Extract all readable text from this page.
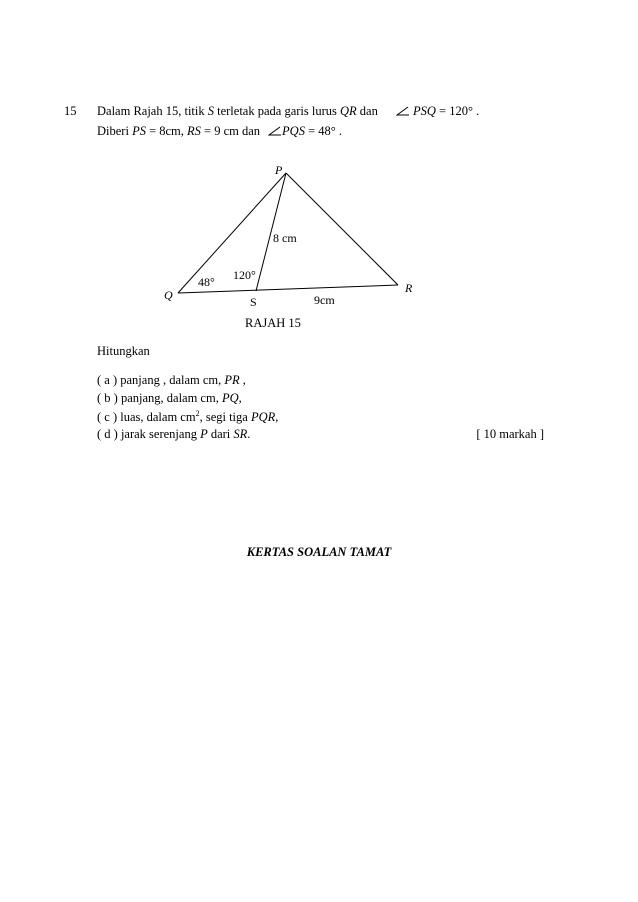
15 Dalam Rajah 15, titik S terletak pada garis lurus QR dan	PSQ = 120° .
Diberi PS = 8cm, RS = 9 cm dan PQS = 48° .
P
Q	R
S
8 cm
9cm
48° 120°
RAJAH 15
Hitungkan
( a ) panjang , dalam cm, PR ,
( b ) panjang, dalam cm, PQ,
( c ) luas, dalam $cm^2$, segi tiga PQR,
( d ) jarak serenjang P dari SR.	[ 10 markah ]
KERTAS SOALAN TAMAT
